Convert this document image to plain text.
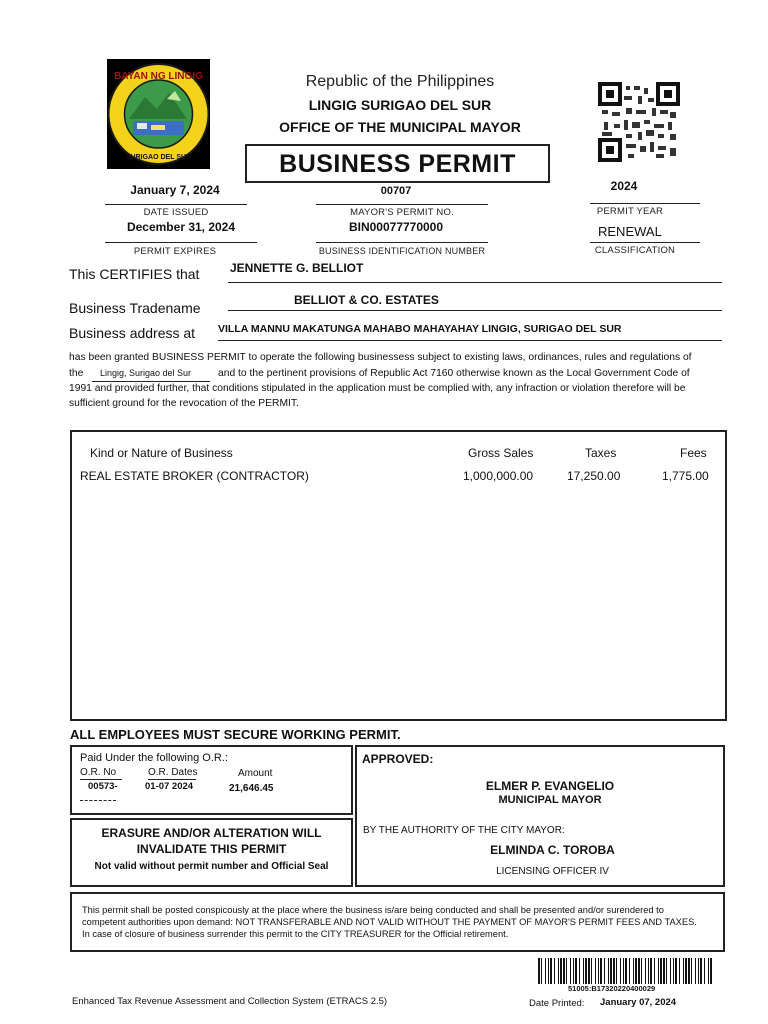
BAYAN NG LINGIG
SURIGAO DEL SUR
Republic of the Philippines
LINGIG SURIGAO DEL SUR
OFFICE OF THE MUNICIPAL MAYOR
BUSINESS PERMIT
January 7, 2024
DATE ISSUED
00707
MAYOR'S PERMIT NO.
2024
PERMIT YEAR
December 31, 2024
PERMIT EXPIRES
BIN00077770000
BUSINESS IDENTIFICATION NUMBER
RENEWAL
CLASSIFICATION
This CERTIFIES that	JENNETTE G. BELLIOT
Business Tradename	BELLIOT & CO. ESTATES
Business address at VILLA MANNU MAKATUNGA MAHABO MAHAYAHAY LINGIG, SURIGAO DEL SUR
has been granted BUSINESS PERMIT to operate the following businessess subject to existing laws, ordinances, rules and regulations of
the Lingig, Surigao del Sur	and to the pertinent provisions of Republic Act 7160 otherwise known as the Local Government Code of
1991 and provided further, that conditions stipulated in the application must be complied with, any infraction or violation therefore will be
sufficient ground for the revocation of the PERMIT.
Kind or Nature of Business	Gross Sales	Taxes	Fees
REAL ESTATE BROKER (CONTRACTOR)	1,000,000.00	17,250.00	1,775.00
ALL EMPLOYEES MUST SECURE WORKING PERMIT.
Paid Under the following O.R.:
O.R. No	O.R. Dates	Amount
00573-	01-07 2024	21,646.45
APPROVED:
ELMER P. EVANGELIO
MUNICIPAL MAYOR
BY THE AUTHORITY OF THE CITY MAYOR:
ELMINDA C. TOROBA
LICENSING OFFICER IV
ERASURE AND/OR ALTERATION WILL
INVALIDATE THIS PERMIT
Not valid without permit number and Official Seal
This permit shall be posted conspicously at the place where the business is/are being conducted and shall be presented and/or surendered to
competent authorities upon demand: NOT TRANSFERABLE AND NOT VALID WITHOUT THE PAYMENT OF MAYOR'S PERMIT FEES AND TAXES.
In case of closure of business surrender this permit to the CITY TREASURER for the Official retirement.
51005:B17320220400029
Enhanced Tax Revenue Assessment and Collection System (ETRACS 2.5)	Date Printed: January 07, 2024
